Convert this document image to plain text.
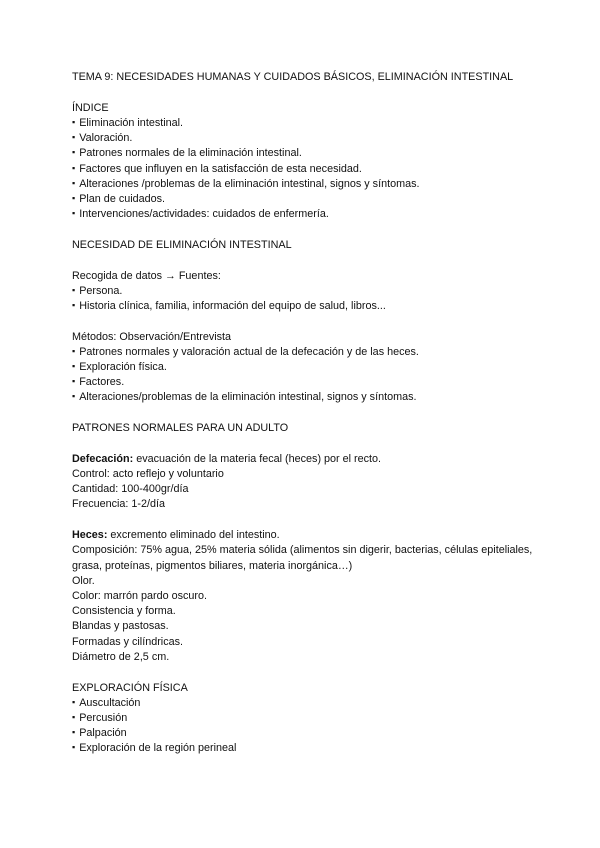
TEMA 9: NECESIDADES HUMANAS Y CUIDADOS BÁSICOS, ELIMINACIÓN INTESTINAL

ÍNDICE

▪ Eliminación intestinal.
▪ Valoración.
▪ Patrones normales de la eliminación intestinal.
▪ Factores que influyen en la satisfacción de esta necesidad.
▪ Alteraciones /problemas de la eliminación intestinal, signos y síntomas.
▪ Plan de cuidados.
▪ Intervenciones/actividades: cuidados de enfermería.

NECESIDAD DE ELIMINACIÓN INTESTINAL

Recogida de datos → Fuentes:

▪ Persona.
▪ Historia clínica, familia, información del equipo de salud, libros...

Métodos: Observación/Entrevista

▪ Patrones normales y valoración actual de la defecación y de las heces.
▪ Exploración física.
▪ Factores.
▪ Alteraciones/problemas de la eliminación intestinal, signos y síntomas.

PATRONES NORMALES PARA UN ADULTO

Defecación: evacuación de la materia fecal (heces) por el recto.

Control: acto reflejo y voluntario

Cantidad: 100-400gr/día

Frecuencia: 1-2/día

Heces: excremento eliminado del intestino.

Composición: 75% agua, 25% materia sólida (alimentos sin digerir, bacterias, células epiteliales, grasa, proteínas, pigmentos biliares, materia inorgánica…)

Olor.

Color: marrón pardo oscuro.

Consistencia y forma.

Blandas y pastosas.

Formadas y cilíndricas.

Diámetro de 2,5 cm.

EXPLORACIÓN FÍSICA

▪ Auscultación
▪ Percusión
▪ Palpación
▪ Exploración de la región perineal
